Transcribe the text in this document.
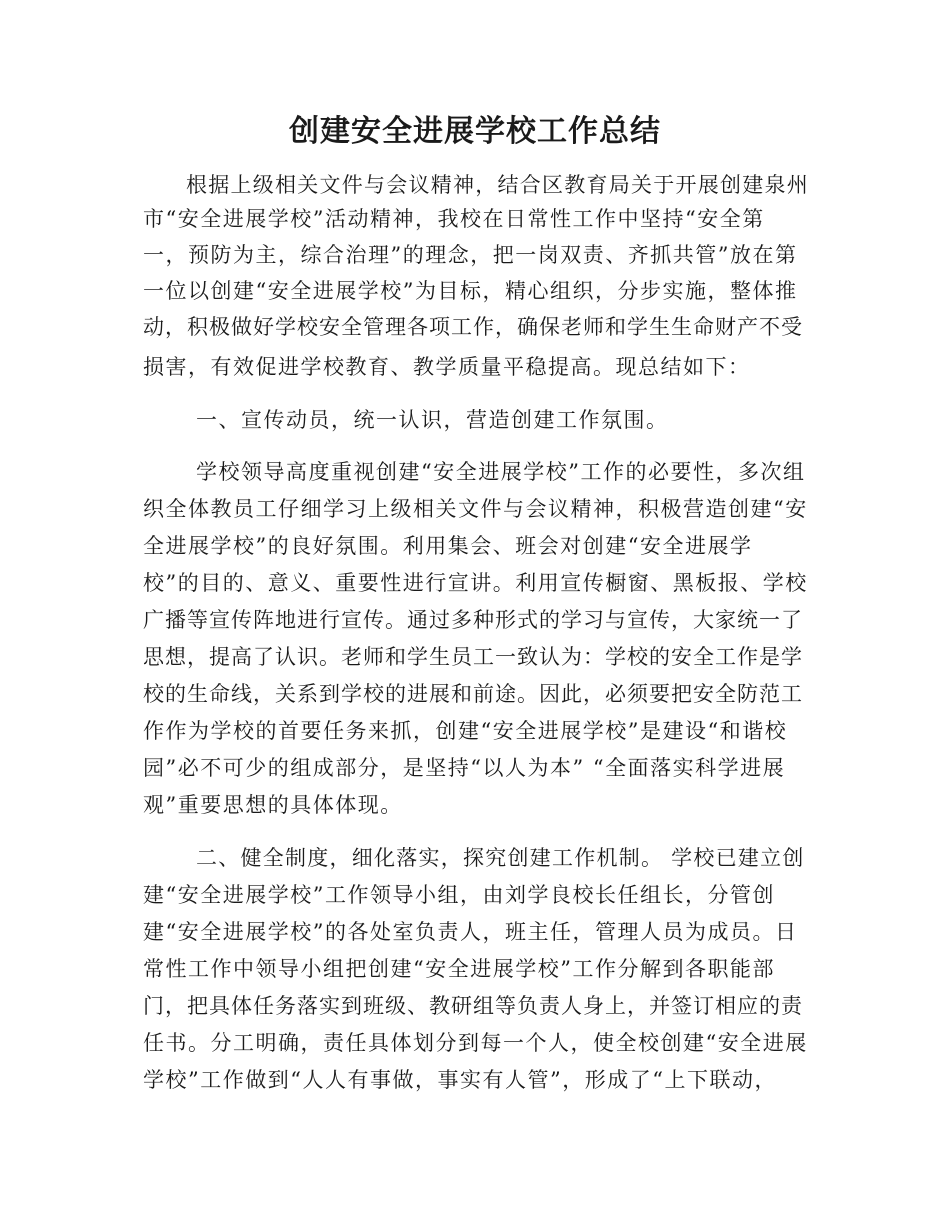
创建安全进展学校工作总结
根据上级相关文件与会议精神，结合区教育局关于开展创建泉州
市“安全进展学校”活动精神，我校在日常性工作中坚持“安全第
一，预防为主，综合治理”的理念，把一岗双责、齐抓共管”放在第
一位以创建“安全进展学校”为目标，精心组织，分步实施，整体推
动，积极做好学校安全管理各项工作，确保老师和学生生命财产不受
损害，有效促进学校教育、教学质量平稳提高。现总结如下：
一、宣传动员，统一认识，营造创建工作氛围。
学校领导高度重视创建“安全进展学校”工作的必要性，多次组
织全体教员工仔细学习上级相关文件与会议精神，积极营造创建“安
全进展学校”的良好氛围。利用集会、班会对创建“安全进展学
校”的目的、意义、重要性进行宣讲。利用宣传橱窗、黑板报、学校
广播等宣传阵地进行宣传。通过多种形式的学习与宣传，大家统一了
思想，提高了认识。老师和学生员工一致认为：学校的安全工作是学
校的生命线，关系到学校的进展和前途。因此，必须要把安全防范工
作作为学校的首要任务来抓，创建“安全进展学校”是建设“和谐校
园”必不可少的组成部分，是坚持“以人为本” “全面落实科学进展
观”重要思想的具体体现。
二、健全制度，细化落实，探究创建工作机制。 学校已建立创
建“安全进展学校”工作领导小组，由刘学良校长任组长，分管创
建“安全进展学校”的各处室负责人，班主任，管理人员为成员。日
常性工作中领导小组把创建“安全进展学校”工作分解到各职能部
门，把具体任务落实到班级、教研组等负责人身上，并签订相应的责
任书。分工明确，责任具体划分到每一个人，使全校创建“安全进展
学校”工作做到“人人有事做，事实有人管”，形成了“上下联动，
